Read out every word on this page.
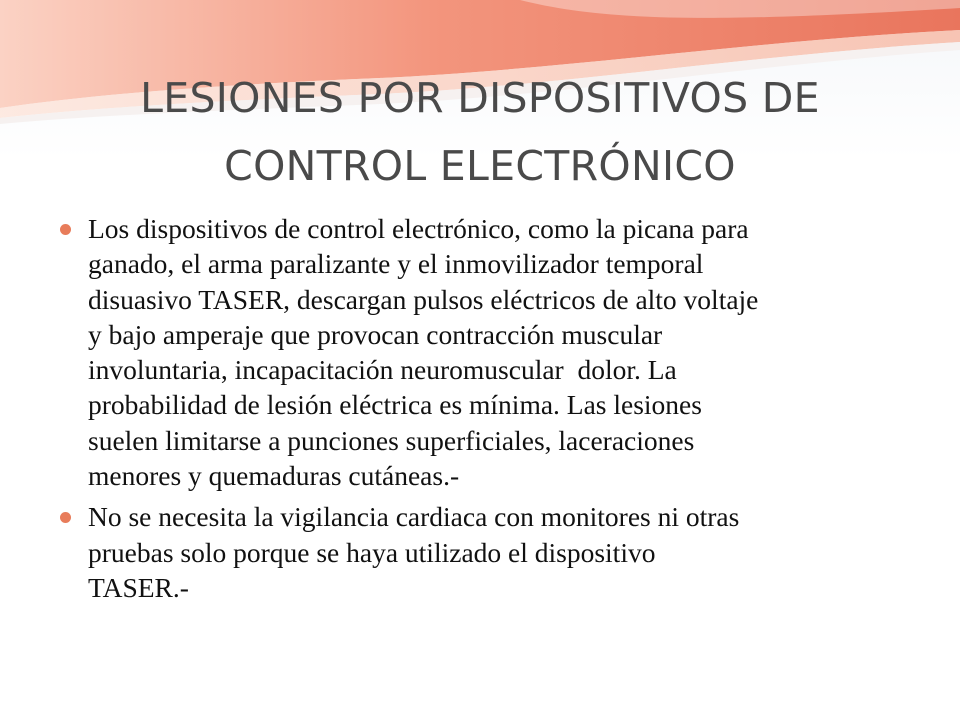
LESIONES POR DISPOSITIVOS DE
CONTROL ELECTRÓNICO
Los dispositivos de control electrónico, como la picana para
ganado, el arma paralizante y el inmovilizador temporal
disuasivo TASER, descargan pulsos eléctricos de alto voltaje
y bajo amperaje que provocan contracción muscular
involuntaria, incapacitación neuromuscular  dolor. La
probabilidad de lesión eléctrica es mínima. Las lesiones
suelen limitarse a punciones superficiales, laceraciones
menores y quemaduras cutáneas.-
No se necesita la vigilancia cardiaca con monitores ni otras
pruebas solo porque se haya utilizado el dispositivo
TASER.-
